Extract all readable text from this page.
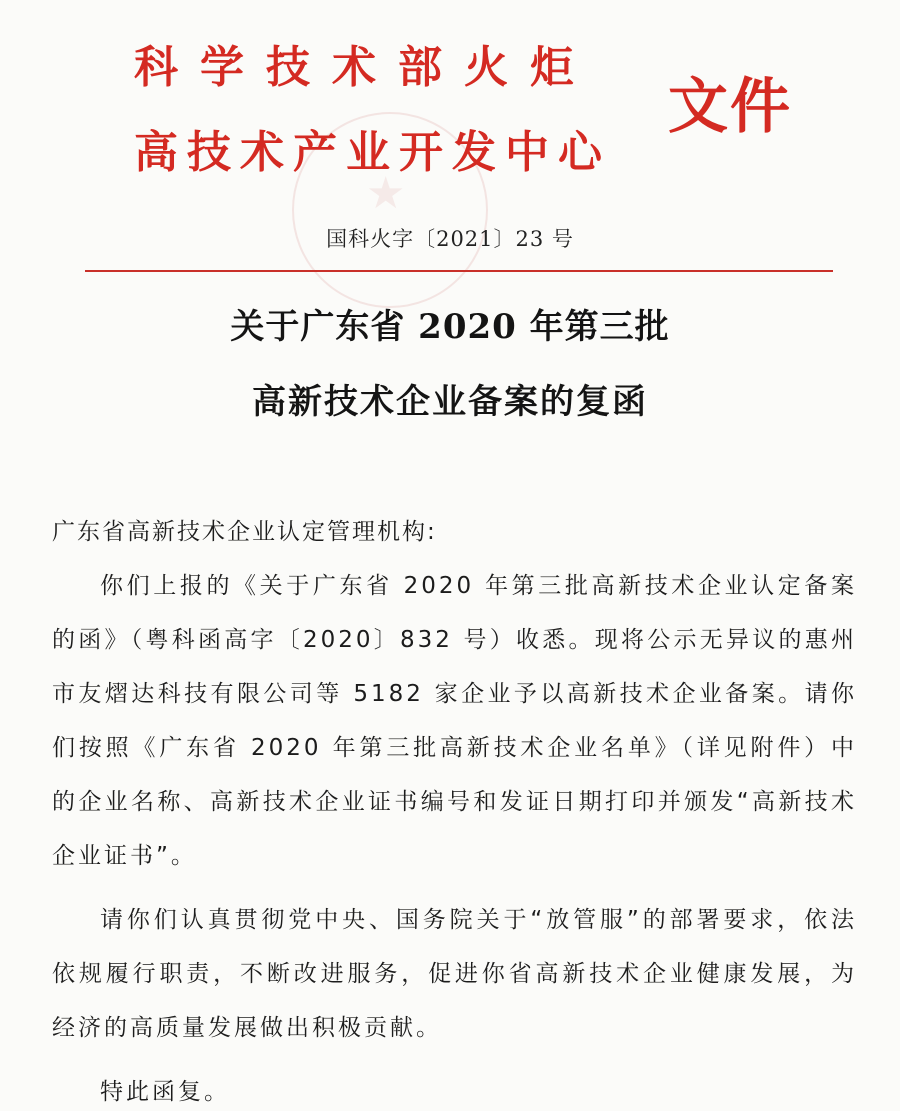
★
科学技术部火炬
高技术产业开发中心
文件
国科火字〔2021〕23 号
关于广东省 2020 年第三批
高新技术企业备案的复函

广东省高新技术企业认定管理机构:

你们上报的《关于广东省 2020 年第三批高新技术企业认定备案的函》（粤科函高字〔2020〕832 号）收悉。现将公示无异议的惠州市友熠达科技有限公司等 5182 家企业予以高新技术企业备案。请你们按照《广东省 2020 年第三批高新技术企业名单》（详见附件）中的企业名称、高新技术企业证书编号和发证日期打印并颁发“高新技术企业证书”。

请你们认真贯彻党中央、国务院关于“放管服”的部署要求，依法依规履行职责，不断改进服务，促进你省高新技术企业健康发展，为经济的高质量发展做出积极贡献。

特此函复。
